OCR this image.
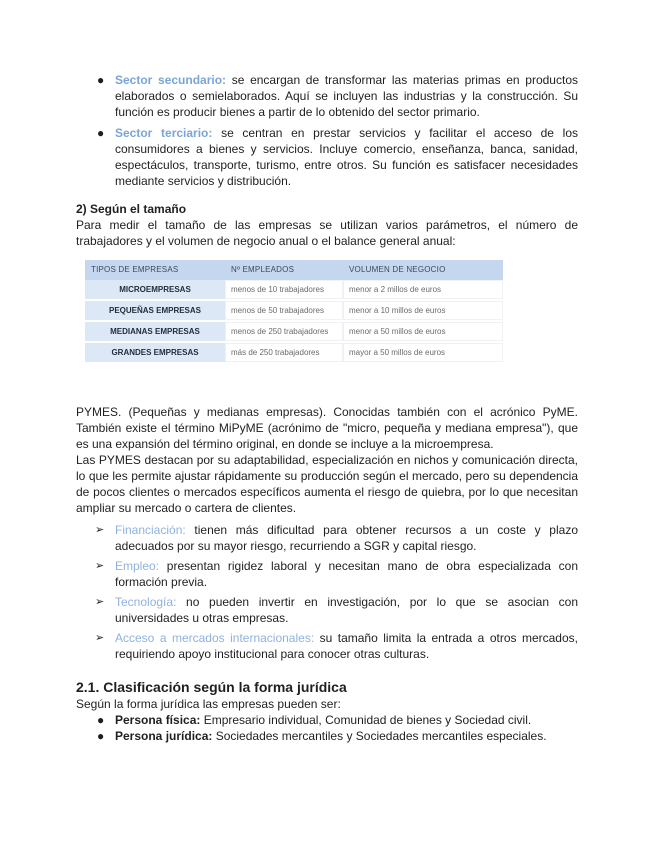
● Sector secundario: se encargan de transformar las materias primas en productos elaborados o semielaborados. Aquí se incluyen las industrias y la construcción. Su función es producir bienes a partir de lo obtenido del sector primario.
● Sector terciario: se centran en prestar servicios y facilitar el acceso de los consumidores a bienes y servicios. Incluye comercio, enseñanza, banca, sanidad, espectáculos, transporte, turismo, entre otros. Su función es satisfacer necesidades mediante servicios y distribución.
2) Según el tamaño

Para medir el tamaño de las empresas se utilizan varios parámetros, el número de trabajadores y el volumen de negocio anual o el balance general anual:

TIPOS DE EMPRESAS	Nº EMPLEADOS	VOLUMEN DE NEGOCIO
MICROEMPRESAS	menos de 10 trabajadores	menor a 2 millos de euros
PEQUEÑAS EMPRESAS	menos de 50 trabajadores	menor a 10 millos de euros
MEDIANAS EMPRESAS	menos de 250 trabajadores	menor a 50 millos de euros
GRANDES EMPRESAS	más de 250 trabajadores	mayor a 50 millos de euros

PYMES. (Pequeñas y medianas empresas). Conocidas también con el acrónico PyME. También existe el término MiPyME (acrónimo de "micro, pequeña y mediana empresa"), que es una expansión del término original, en donde se incluye a la microempresa.

Las PYMES destacan por su adaptabilidad, especialización en nichos y comunicación directa, lo que les permite ajustar rápidamente su producción según el mercado, pero su dependencia de pocos clientes o mercados específicos aumenta el riesgo de quiebra, por lo que necesitan ampliar su mercado o cartera de clientes.

➢ Financiación: tienen más dificultad para obtener recursos a un coste y plazo adecuados por su mayor riesgo, recurriendo a SGR y capital riesgo.
➢ Empleo: presentan rigidez laboral y necesitan mano de obra especializada con formación previa.
➢ Tecnología: no pueden invertir en investigación, por lo que se asocian con universidades u otras empresas.
➢ Acceso a mercados internacionales: su tamaño limita la entrada a otros mercados, requiriendo apoyo institucional para conocer otras culturas.
2.1. Clasificación según la forma jurídica

Según la forma jurídica las empresas pueden ser:

● Persona física: Empresario individual, Comunidad de bienes y Sociedad civil.
● Persona jurídica: Sociedades mercantiles y Sociedades mercantiles especiales.
